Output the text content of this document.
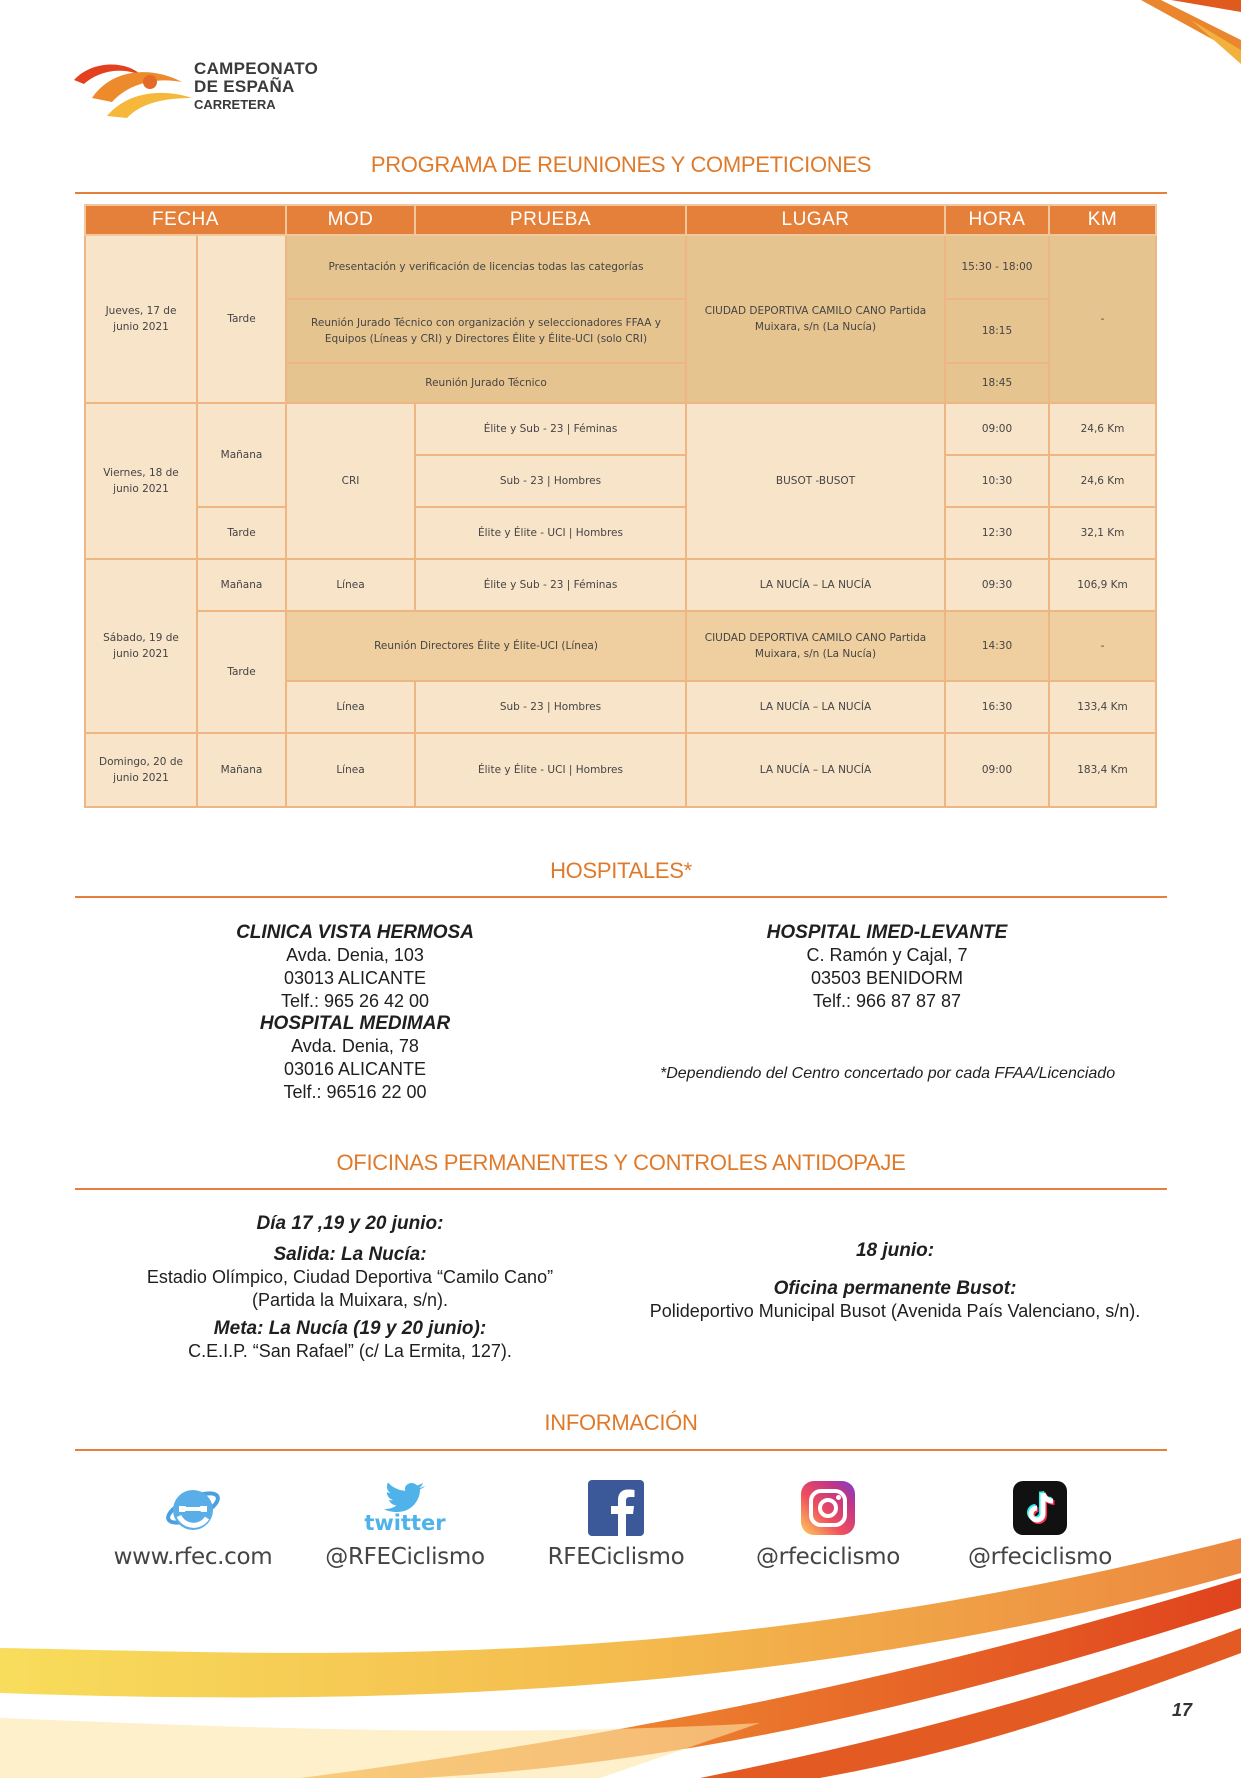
CAMPEONATO
DE ESPAÑA
CARRETERA
PROGRAMA DE REUNIONES Y COMPETICIONES
FECHA		MOD	PRUEBA	LUGAR	HORA	KM
Jueves, 17 de junio 2021	Tarde	Presentación y verificación de licencias todas las categorías		CIUDAD DEPORTIVA CAMILO CANO Partida Muixara, s/n (La Nucía)	15:30 - 18:00	-
		Reunión Jurado Técnico con organización y seleccionadores FFAA y Equipos (Líneas y CRI) y Directores Élite y Élite-UCI (solo CRI)			18:15	
		Reunión Jurado Técnico			18:45	
Viernes, 18 de junio 2021	Mañana	CRI	Élite y Sub - 23 | Féminas	BUSOT -BUSOT	09:00	24,6 Km
			Sub - 23 | Hombres		10:30	24,6 Km
	Tarde		Élite y Élite - UCI | Hombres		12:30	32,1 Km
Sábado, 19 de junio 2021	Mañana	Línea	Élite y Sub - 23 | Féminas	LA NUCÍA – LA NUCÍA	09:30	106,9 Km
	Tarde	Reunión Directores Élite y Élite-UCI (Línea)		CIUDAD DEPORTIVA CAMILO CANO Partida Muixara, s/n (La Nucía)	14:30	-
		Línea	Sub - 23 | Hombres	LA NUCÍA – LA NUCÍA	16:30	133,4 Km
Domingo, 20 de junio 2021	Mañana	Línea	Élite y Élite - UCI | Hombres	LA NUCÍA – LA NUCÍA	09:00	183,4 Km
HOSPITALES*
CLINICA VISTA HERMOSA
Avda. Denia, 103
03013 ALICANTE
Telf.: 965 26 42 00
HOSPITAL MEDIMAR
Avda. Denia, 78
03016 ALICANTE
Telf.: 96516 22 00
HOSPITAL IMED-LEVANTE
C. Ramón y Cajal, 7
03503 BENIDORM
Telf.: 966 87 87 87
*Dependiendo del Centro concertado por cada FFAA/Licenciado
OFICINAS PERMANENTES Y CONTROLES ANTIDOPAJE
Día 17 ,19 y 20 junio:
Salida: La Nucía:
Estadio Olímpico, Ciudad Deportiva “Camilo Cano”
(Partida la Muixara, s/n).
Meta: La Nucía (19 y 20 junio):
C.E.I.P. “San Rafael” (c/ La Ermita, 127).
18 junio:
Oficina permanente Busot:
Polideportivo Municipal Busot (Avenida País Valenciano, s/n).
INFORMACIÓN
www.rfec.com
twitter
@RFECiclismo	RFECiclismo	@rfeciclismo	@rfeciclismo
17
